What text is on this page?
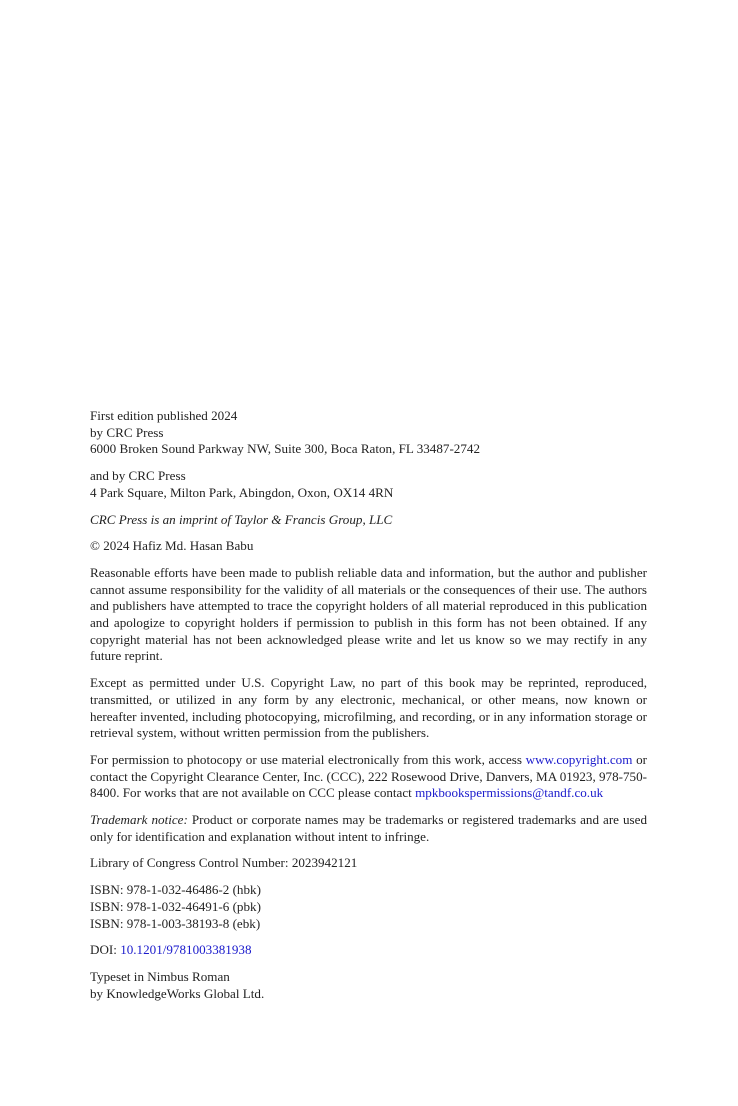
First edition published 2024
by CRC Press
6000 Broken Sound Parkway NW, Suite 300, Boca Raton, FL 33487-2742
and by CRC Press
4 Park Square, Milton Park, Abingdon, Oxon, OX14 4RN
CRC Press is an imprint of Taylor & Francis Group, LLC
© 2024 Hafiz Md. Hasan Babu
Reasonable efforts have been made to publish reliable data and information, but the author and publisher cannot assume responsibility for the validity of all materials or the consequences of their use. The authors and publishers have attempted to trace the copyright holders of all material reproduced in this publication and apologize to copyright holders if permission to publish in this form has not been obtained. If any copyright material has not been acknowledged please write and let us know so we may rectify in any future reprint.
Except as permitted under U.S. Copyright Law, no part of this book may be reprinted, reproduced, transmitted, or utilized in any form by any electronic, mechanical, or other means, now known or hereafter invented, including photocopying, microfilming, and recording, or in any information storage or retrieval system, without written permission from the publishers.
For permission to photocopy or use material electronically from this work, access www.copyright.​com or contact the Copyright Clearance Center, Inc. (CCC), 222 Rosewood Drive, Danvers, MA 01923, 978-750-8400. For works that are not available on CCC please contact mpkbookspermissions@tandf.co.uk
Trademark notice: Product or corporate names may be trademarks or registered trademarks and are used only for identification and explanation without intent to infringe.
Library of Congress Control Number: 2023942121
ISBN: 978-1-032-46486-2 (hbk)
ISBN: 978-1-032-46491-6 (pbk)
ISBN: 978-1-003-38193-8 (ebk)
DOI: 10.1201/9781003381938
Typeset in Nimbus Roman
by KnowledgeWorks Global Ltd.
